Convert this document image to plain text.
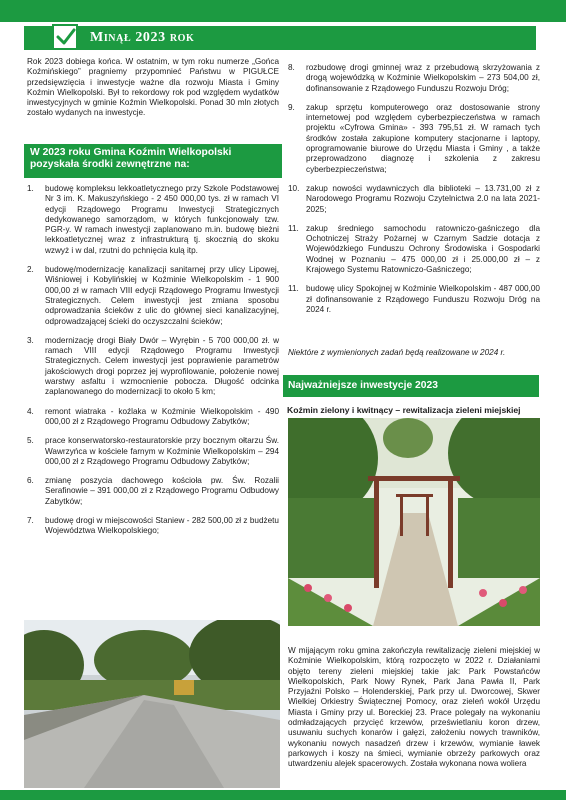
Minął 2023 rok
Rok 2023 dobiega końca. W ostatnim, w tym roku numerze „Gońca Koźmińskiego” pragniemy przypomnieć Państwu w PIGUŁCE przedsięwzięcia i inwestycje ważne dla rozwoju Miasta i Gminy Koźmin Wielkopolski. Był to rekordowy rok pod względem wydatków inwestycyjnych w gminie Koźmin Wielkopolski. Ponad 30 mln złotych zostało wydanych na inwestycje.
W 2023 roku Gmina Koźmin Wielkopolski pozyskała środki zewnętrzne na:
1. budowę kompleksu lekkoatletycznego przy Szkole Podstawowej Nr 3 im. K. Makuszyńskiego - 2 450 000,00 tys. zł w ramach VI edycji Rządowego Programu Inwestycji Strategicznych dedykowanego samorządom, w których funkcjonowały tzw. PGR-y. W ramach inwestycji zaplanowano m.in. budowę bieżni lekkoatletycznej wraz z infrastrukturą tj. skocznią do skoku wzwyż i w dal, rzutni do pchnięcia kulą itp.
2. budowę/modernizację kanalizacji sanitarnej przy ulicy Lipowej, Wiśniowej i Kobylińskiej w Koźminie Wielkopolskim - 1 900 000,00 zł w ramach VIII edycji Rządowego Programu Inwestycji Strategicznych. Celem inwestycji jest zmiana sposobu odprowadzania ścieków z ulic do głównej sieci kanalizacyjnej, odprowadzającej ścieki do oczyszczalni ścieków;
3. modernizację drogi Biały Dwór – Wyrębin - 5 700 000,00 zł. w ramach VIII edycji Rządowego Programu Inwestycji Strategicznych. Celem inwestycji jest poprawienie parametrów jakościowych drogi poprzez jej wyprofilowanie, położenie nowej warstwy asfaltu i wzmocnienie pobocza. Długość odcinka zaplanowanego do modernizacji to około 5 km;
4. remont wiatraka - koźlaka w Koźminie Wielkopolskim - 490 000,00 zł z Rządowego Programu Odbudowy Zabytków;
5. prace konserwatorsko-restauratorskie przy bocznym ołtarzu Św. Wawrzyńca w kościele farnym w Koźminie Wielkopolskim – 294 000,00 zł z Rządowego Programu Odbudowy Zabytków;
6. zmianę poszycia dachowego kościoła pw. Św. Rozalii Serafinowie – 391 000,00 zł z Rządowego Programu Odbudowy Zabytków;
7. budowę drogi w miejscowości Staniew - 282 500,00 zł z budżetu Województwa Wielkopolskiego;
8. rozbudowę drogi gminnej wraz z przebudową skrzyżowania z drogą wojewódzką w Koźminie Wielkopolskim – 273 504,00 zł, dofinansowanie z Rządowego Funduszu Rozwoju Dróg;
9. zakup sprzętu komputerowego oraz dostosowanie strony internetowej pod względem cyberbezpieczeństwa w ramach projektu «Cyfrowa Gmina» - 393 795,51 zł. W ramach tych środków została zakupione komputery stacjonarne i laptopy, oprogramowanie biurowe do Urzędu Miasta i Gminy , a także przeprowadzono diagnozę i szkolenia z zakresu cyberbezpieczeństwa;
10. zakup nowości wydawniczych dla biblioteki – 13.731,00 zł z Narodowego Programu Rozwoju Czytelnictwa 2.0 na lata 2021-2025;
11. zakup średniego samochodu ratowniczo-gaśniczego dla Ochotniczej Straży Pożarnej w Czarnym Sadzie dotacja z Wojewódzkiego Funduszu Ochrony Środowiska i Gospodarki Wodnej w Poznaniu – 475 000,00 zł i 25.000,00 zł – z Krajowego Systemu Ratowniczo-Gaśniczego;
11. budowę ulicy Spokojnej w Koźminie Wielkopolskim - 487 000,00 zł dofinansowanie z Rządowego Funduszu Rozwoju Dróg na 2024 r.
Niektóre z wymienionych zadań będą realizowane w 2024 r.
Najważniejsze inwestycje 2023
Koźmin zielony i kwitnący – rewitalizacja zieleni miejskiej
W mijającym roku gmina zakończyła rewitalizację zieleni miejskiej w Koźminie Wielkopolskim, którą rozpoczęto w 2022 r. Działaniami objęto tereny zieleni miejskiej takie jak: Park Powstańców Wielkopolskich, Park Nowy Rynek, Park Jana Pawła II, Park Przyjaźni Polsko – Holenderskiej, Park przy ul. Dworcowej, Skwer Wielkiej Orkiestry Świątecznej Pomocy, oraz zieleń wokół Urzędu Miasta i Gminy przy ul. Boreckiej 23. Prace polegały na wykonaniu odmładzających przycięć krzewów, prześwietlaniu koron drzew, usuwaniu suchych konarów i gałęzi, założeniu nowych trawników, wykonaniu nowych nasadzeń drzew i krzewów, wymianie ławek parkowych i koszy na śmieci, wymianie obrzeży parkowych oraz utwardzeniu alejek spacerowych. Została wykonana nowa woliera
